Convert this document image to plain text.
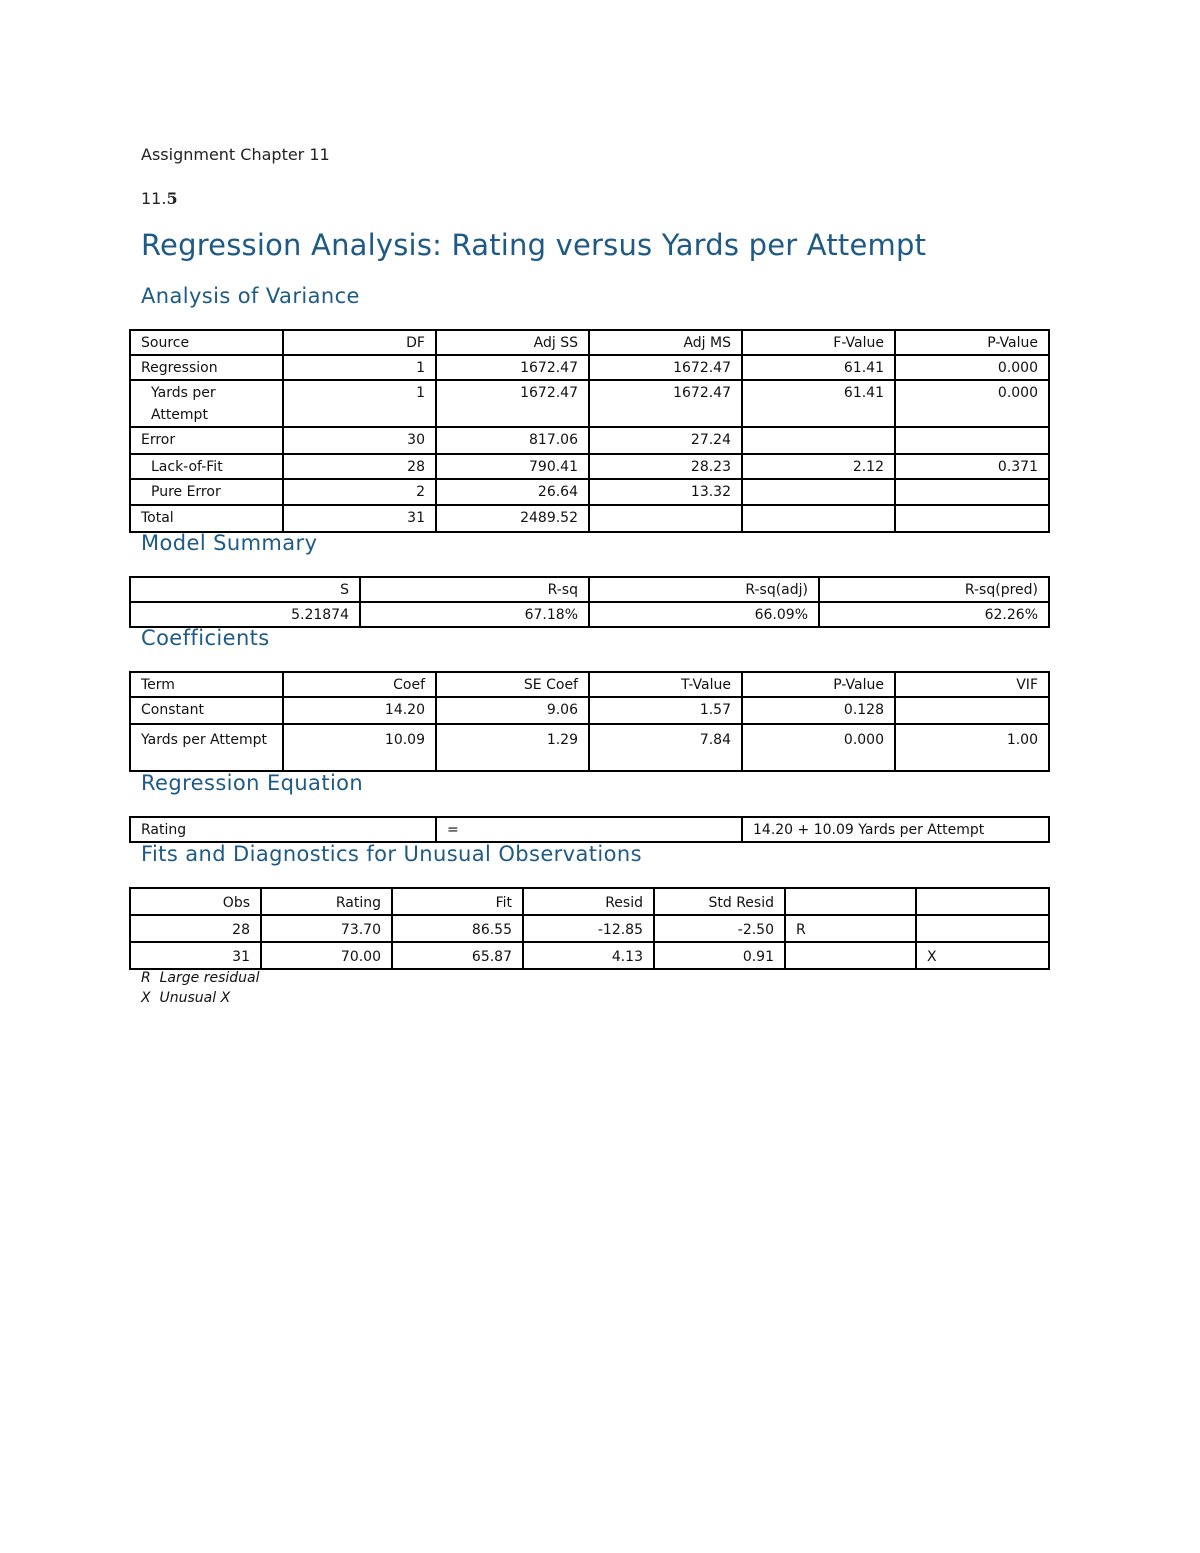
Assignment Chapter 11
11.5
Regression Analysis: Rating versus Yards per Attempt
Analysis of Variance
Source	DF	Adj SS	Adj MS	F-Value	P-Value
Regression	1	1672.47	1672.47	61.41	0.000
Yards per Attempt	1	1672.47	1672.47	61.41	0.000
Error	30	817.06	27.24		
Lack-of-Fit	28	790.41	28.23	2.12	0.371
Pure Error	2	26.64	13.32		
Total	31	2489.52			
Model Summary
S	R-sq	R-sq(adj)	R-sq(pred)
5.21874	67.18%	66.09%	62.26%
Coefficients
Term	Coef	SE Coef	T-Value	P-Value	VIF
Constant	14.20	9.06	1.57	0.128	
Yards per Attempt	10.09	1.29	7.84	0.000	1.00
Regression Equation
Rating	=	14.20 + 10.09 Yards per Attempt
Fits and Diagnostics for Unusual Observations
Obs	Rating	Fit	Resid	Std Resid		
28	73.70	86.55	-12.85	-2.50	R	
31	70.00	65.87	4.13	0.91		X
R  Large residual
X  Unusual X
